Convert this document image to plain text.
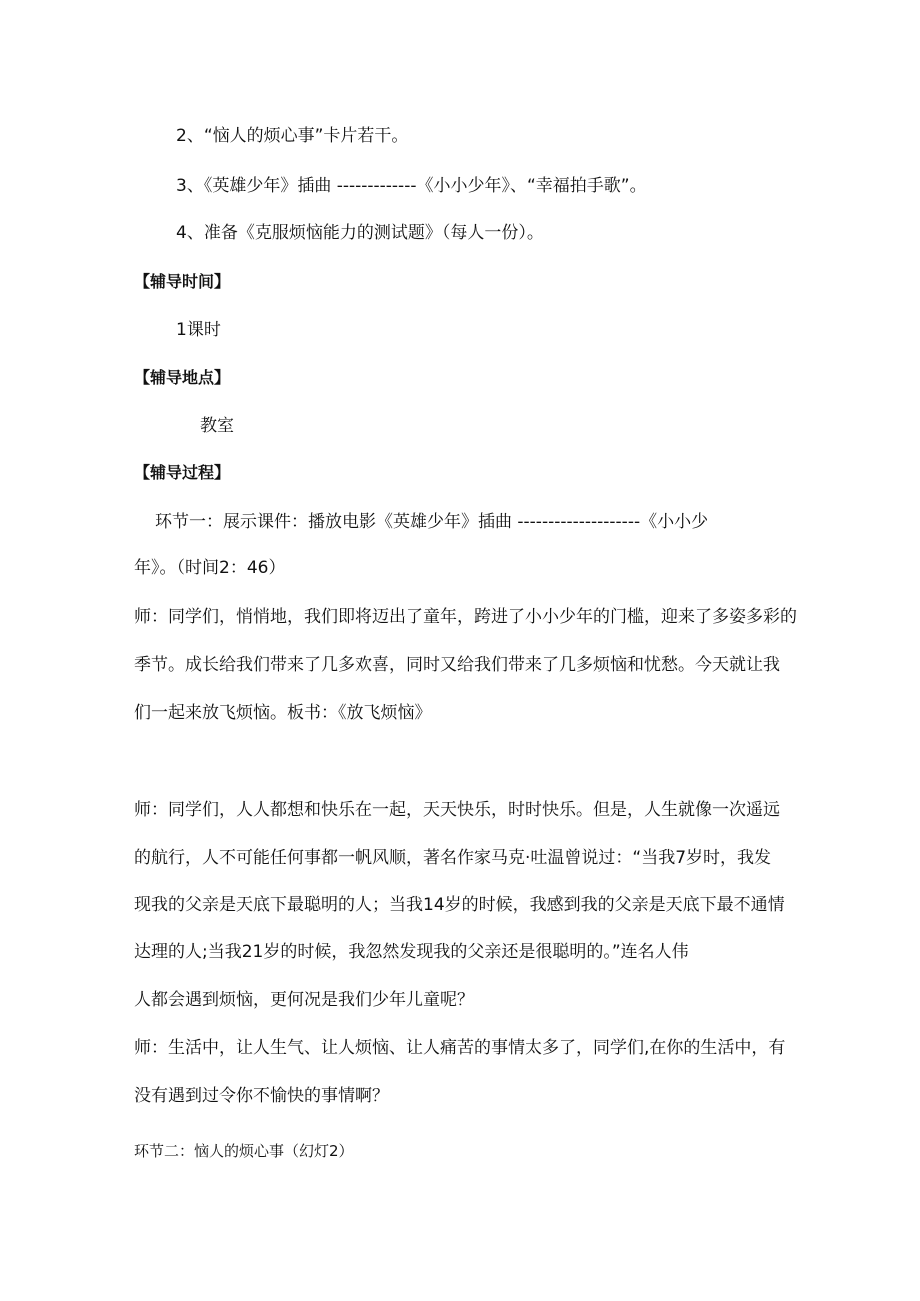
2、“恼人的烦心事”卡片若干。

3、《英雄少年》插曲 -------------《小小少年》、“幸福拍手歌”。

4、准备《克服烦恼能力的测试题》（每人一份）。

【辅导时间】

1课时

【辅导地点】

教室

【辅导过程】

环节一：展示课件：播放电影《英雄少年》插曲 --------------------《小小少

年》。（时间2：46）

师：同学们，悄悄地，我们即将迈出了童年，跨进了小小少年的门槛，迎来了多姿多彩的

季节。成长给我们带来了几多欢喜，同时又给我们带来了几多烦恼和忧愁。今天就让我

们一起来放飞烦恼。板书：《放飞烦恼》

师：同学们，人人都想和快乐在一起，天天快乐，时时快乐。但是，人生就像一次遥远

的航行，人不可能任何事都一帆风顺，著名作家马克·吐温曾说过：“当我7岁时，我发

现我的父亲是天底下最聪明的人；当我14岁的时候，我感到我的父亲是天底下最不通情

达理的人;当我21岁的时候，我忽然发现我的父亲还是很聪明的。”连名人伟

人都会遇到烦恼，更何况是我们少年儿童呢？

师：生活中，让人生气、让人烦恼、让人痛苦的事情太多了，同学们,在你的生活中，有

没有遇到过令你不愉快的事情啊？

环节二：恼人的烦心事（幻灯2）
